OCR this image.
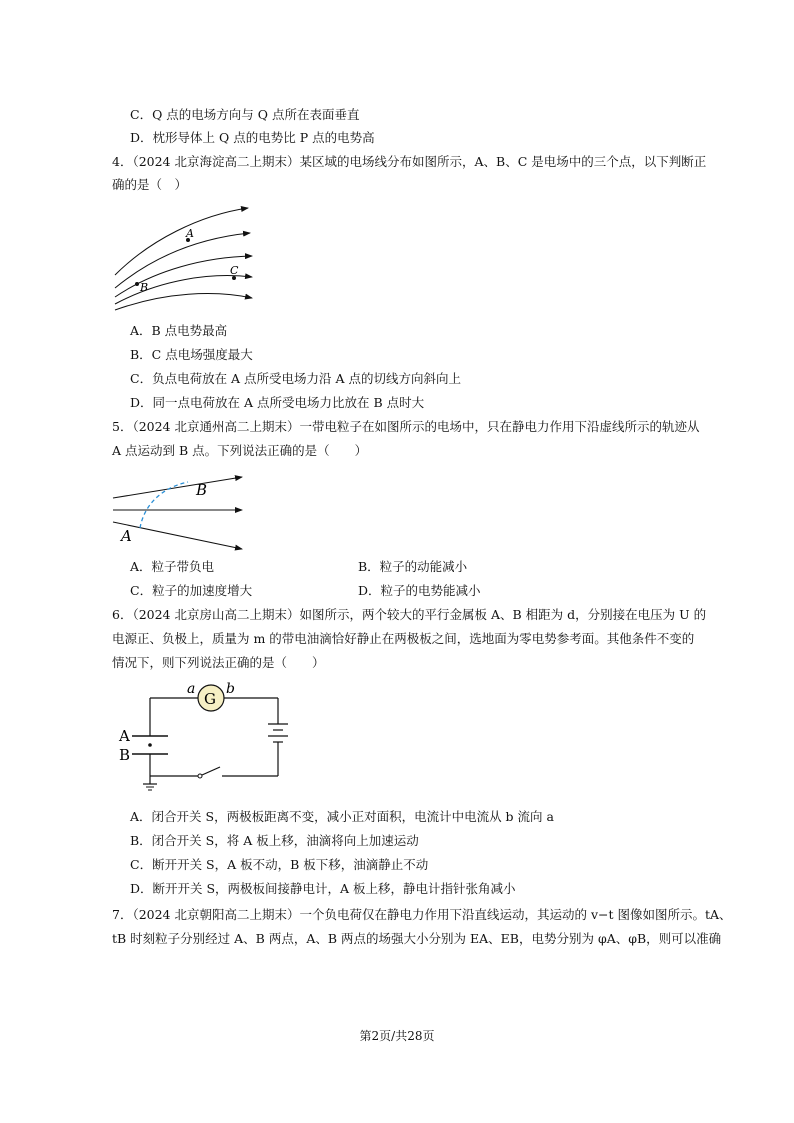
C．Q 点的电场方向与 Q 点所在表面垂直
D．枕形导体上 Q 点的电势比 P 点的电势高
4．（2024 北京海淀高二上期末）某区域的电场线分布如图所示，A、B、C 是电场中的三个点，以下判断正
确的是（　）
A
B
C
A．B 点电势最高
B．C 点电场强度最大
C．负点电荷放在 A 点所受电场力沿 A 点的切线方向斜向上
D．同一点电荷放在 A 点所受电场力比放在 B 点时大
5．（2024 北京通州高二上期末）一带电粒子在如图所示的电场中，只在静电力作用下沿虚线所示的轨迹从
A 点运动到 B 点。下列说法正确的是（　　）
A
B
A．粒子带负电	B．粒子的动能减小
C．粒子的加速度增大	D．粒子的电势能减小
6．（2024 北京房山高二上期末）如图所示，两个较大的平行金属板 A、B 相距为 d，分别接在电压为 U 的
电源正、负极上，质量为 m 的带电油滴恰好静止在两极板之间，选地面为零电势参考面。其他条件不变的
情况下，则下列说法正确的是（　　）
G
a b
A
B
A．闭合开关 S，两极板距离不变，减小正对面积，电流计中电流从 b 流向 a
B．闭合开关 S，将 A 板上移，油滴将向上加速运动
C．断开开关 S，A 板不动，B 板下移，油滴静止不动
D．断开开关 S，两极板间接静电计，A 板上移，静电计指针张角减小
7．（2024 北京朝阳高二上期末）一个负电荷仅在静电力作用下沿直线运动，其运动的 v−t 图像如图所示。tA、
tB 时刻粒子分别经过 A、B 两点，A、B 两点的场强大小分别为 EA、EB，电势分别为 φA、φB，则可以准确
第2页/共28页
